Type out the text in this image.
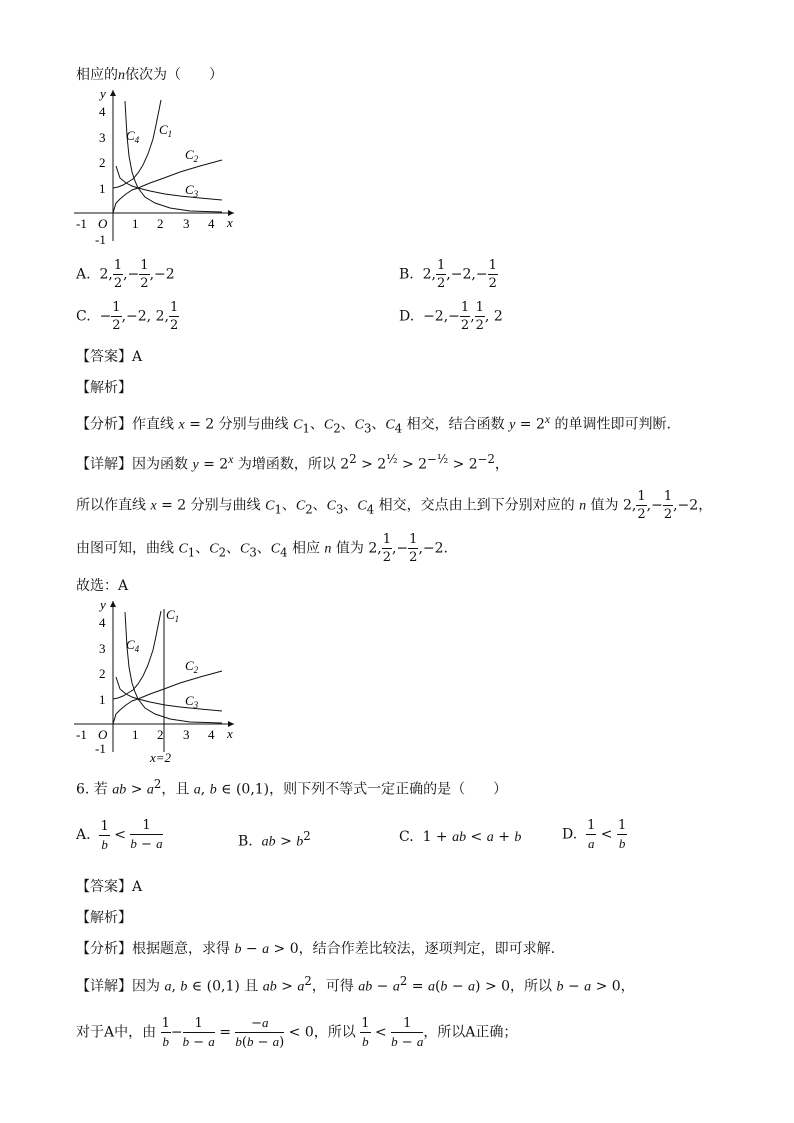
相应的n依次为（　　）
y
x
O
4
3
2
1
-1
-1	1 2 3 4
$C_1$
$C_2$
$C_3$
$C_4$
A.  2, $\frac{1}{2}$ ,− $\frac{1}{2} ,-2$	B.  2, $\frac{1}{2} ,-2,- \frac{1}{2}$
C.  − $\frac{1}{2} ,-2$, 2, $\frac{1}{2}$	D.  $-2,- \frac{1}{2}$ , $\frac{1}{2}$ , 2
【答案】A
【解析】
【分析】作直线 x = 2 分别与曲线 $C_1$、$C_2$、$C_3$、$C_4$ 相交，结合函数 $y = 2^x$ 的单调性即可判断.
【详解】因为函数 $y = 2^x$ 为增函数，所以 $2^2 > 2^{\frac{1}{2}} > 2^{-\frac{1}{2}} > 2^{-2}$，
所以作直线 x = 2 分别与曲线 $C_1$、$C_2$、$C_3$、$C_4$ 相交，交点由上到下分别对应的 n 值为 2, $\frac{1}{2}$ ,− $\frac{1}{2} ,-2$，
由图可知，曲线 $C_1$、$C_2$、$C_3$、$C_4$ 相应 n 值为 2, $\frac{1}{2}$ ,− $\frac{1}{2} ,-2$.
故选：A
y
x
O
4
3
2
1
-1
-1	1 2 3 4
$C_1$
$C_2$
$C_3$
$C_4$
x=2
6. 若 ab > $a^2$，且 a, b ∈ (0,1)，则下列不等式一定正确的是（　　）
A. $\frac{1}{b} < \frac{1}{b - a}$	B.  ab > $b^2$	C.  1 + ab < a + b	D. $\frac{1}{a} < \frac{1}{b}$
【答案】A
【解析】
【分析】根据题意，求得 b − a > 0，结合作差比较法，逐项判定，即可求解.
【详解】因为 a, b ∈ (0,1) 且 ab > $a^2$，可得 ab − $a^2 = a(b - a) > 0$，所以 b − a > 0，
对于A中，由 $\frac{1}{b} - \frac{1}{b - a} = \frac{-a}{b(b - a)} < 0$，所以 $\frac{1}{b} < \frac{1}{b - a}$ ，所以A正确；
